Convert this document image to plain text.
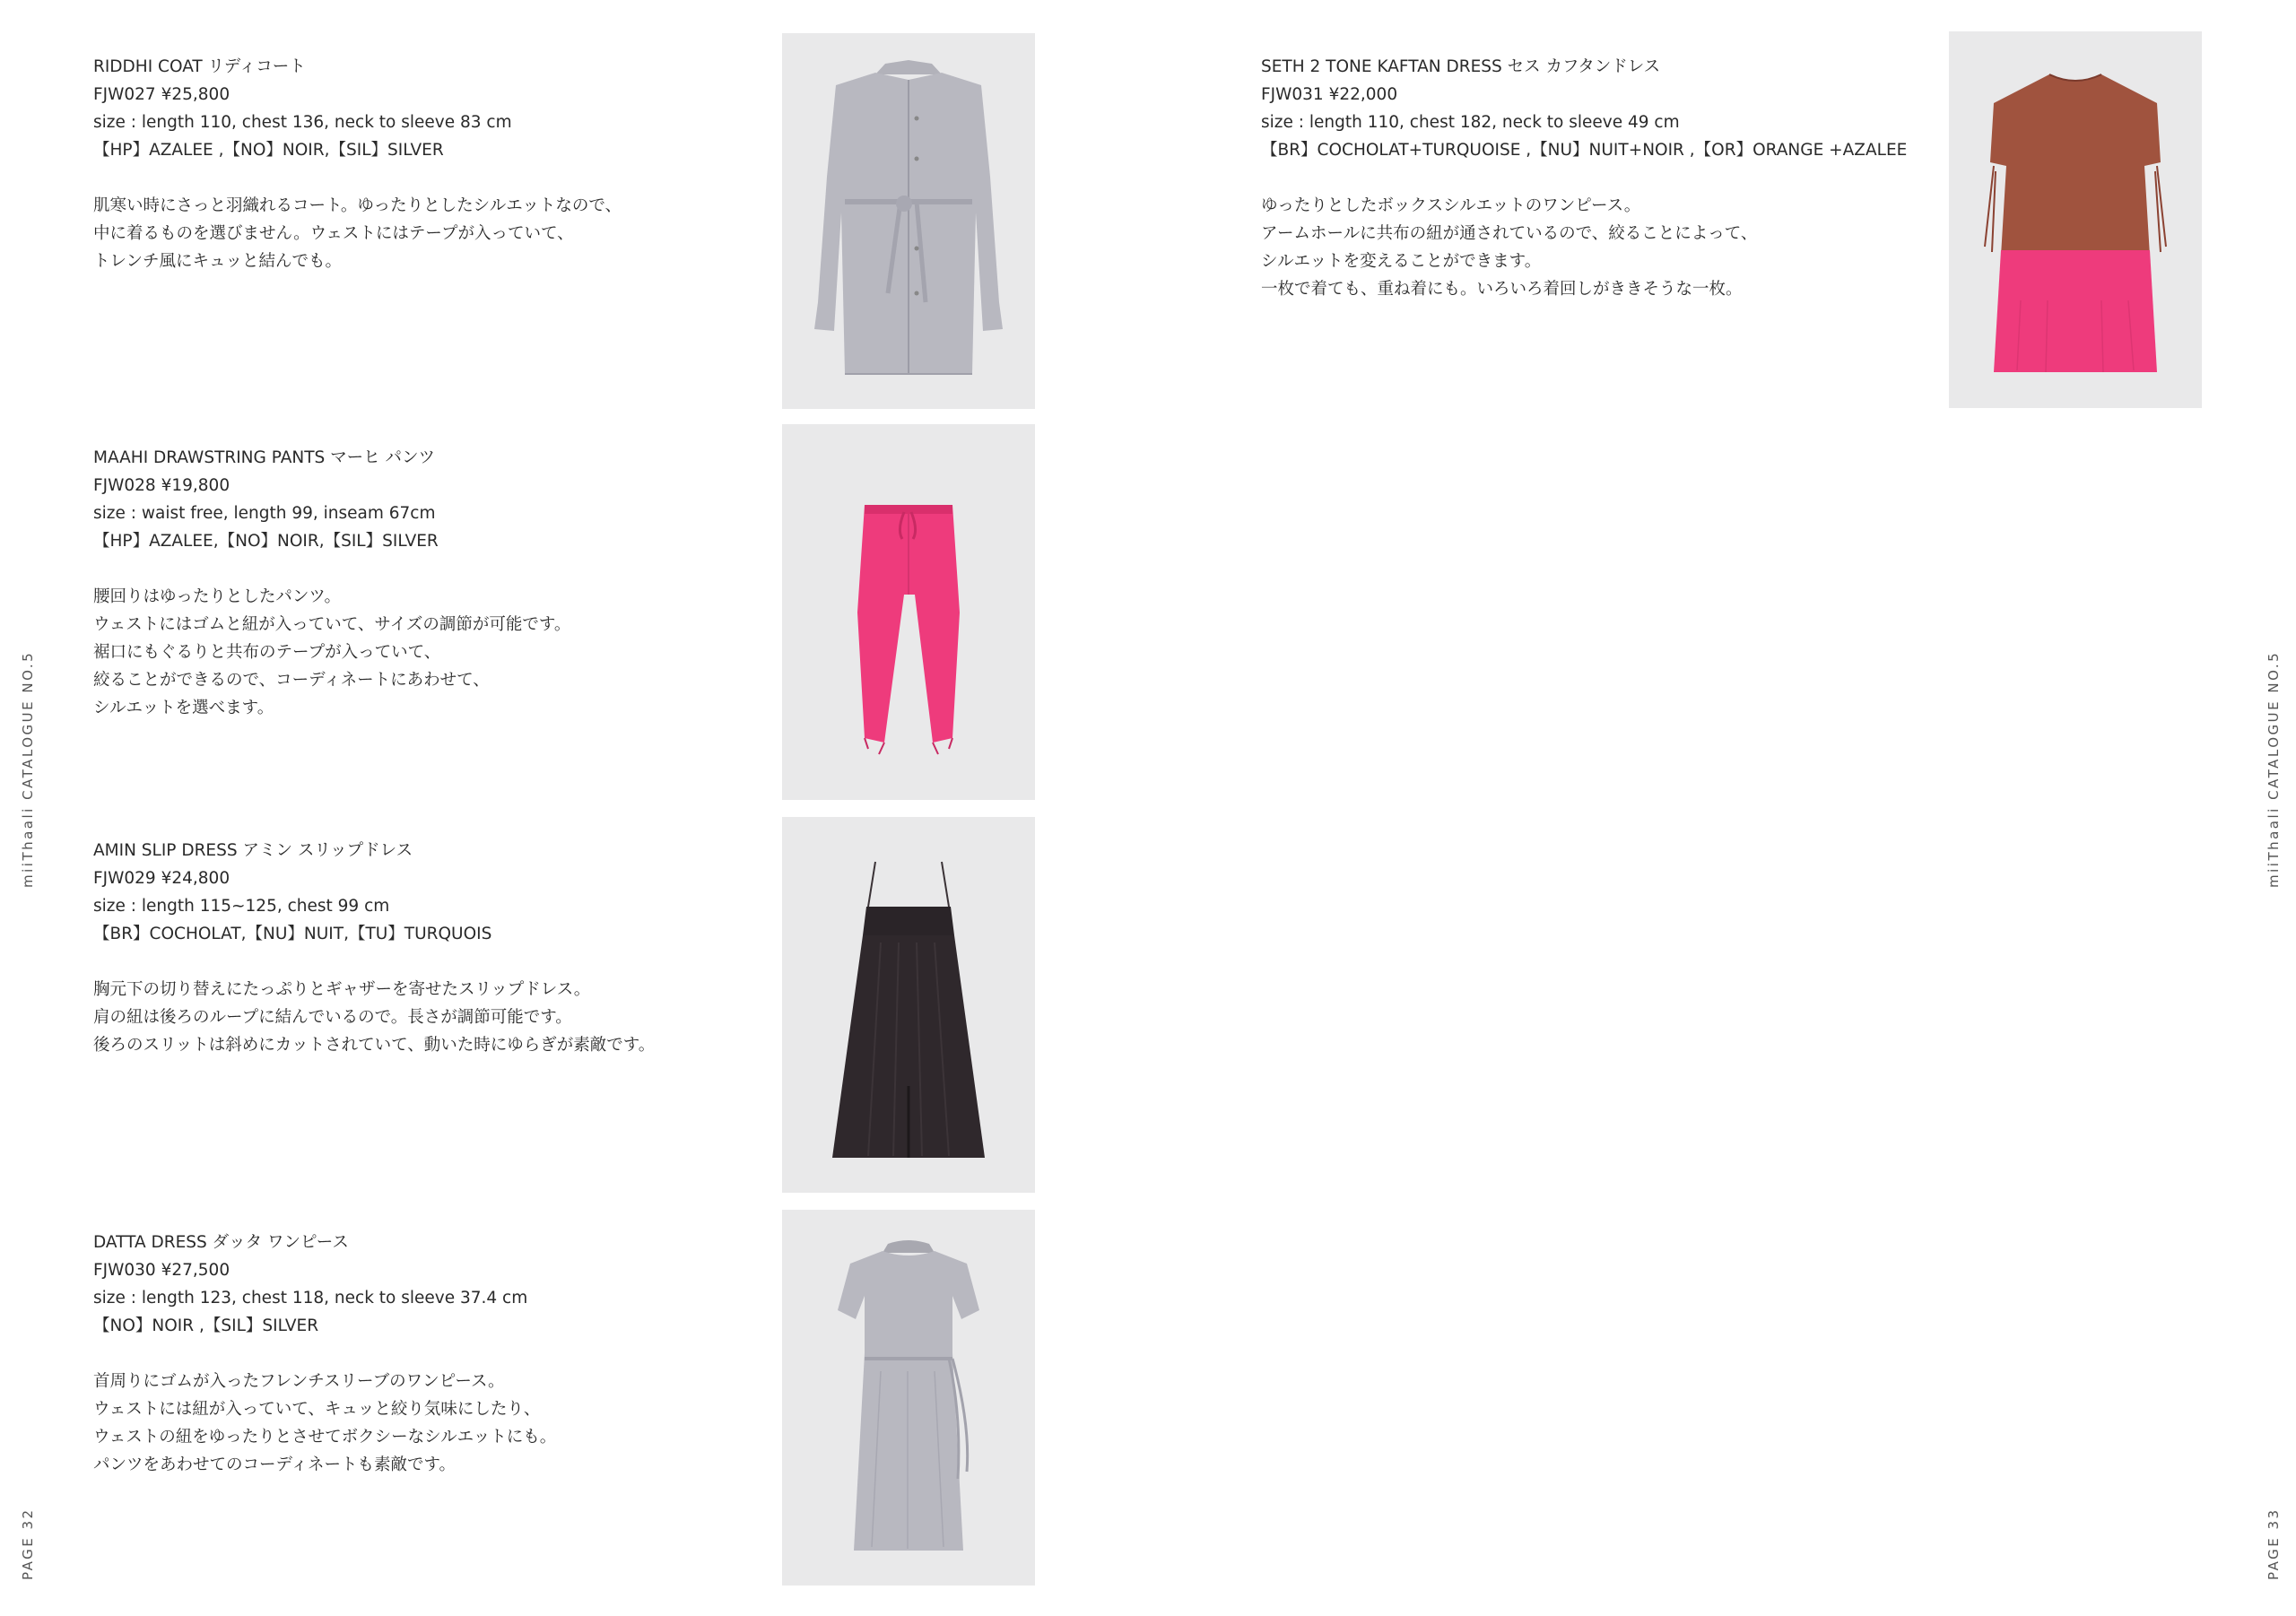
miiThaali CATALOGUE NO.5
PAGE 32
miiThaali CATALOGUE NO.5
PAGE 33
RIDDHI COAT リディコート
FJW027 ¥25,800
size : length 110, chest 136, neck to sleeve 83 cm
【HP】AZALEE ,【NO】NOIR,【SIL】SILVER
肌寒い時にさっと羽織れるコート。ゆったりとしたシルエットなので、
中に着るものを選びません。ウェストにはテープが入っていて、
トレンチ風にキュッと結んでも。
MAAHI DRAWSTRING PANTS マーヒ パンツ
FJW028 ¥19,800
size : waist free, length 99, inseam 67cm
【HP】AZALEE,【NO】NOIR,【SIL】SILVER
腰回りはゆったりとしたパンツ。
ウェストにはゴムと紐が入っていて、サイズの調節が可能です。
裾口にもぐるりと共布のテープが入っていて、
絞ることができるので、コーディネートにあわせて、
シルエットを選べます。
AMIN SLIP DRESS アミン スリップドレス
FJW029 ¥24,800
size : length 115~125, chest 99 cm
【BR】COCHOLAT,【NU】NUIT,【TU】TURQUOIS
胸元下の切り替えにたっぷりとギャザーを寄せたスリップドレス。
肩の紐は後ろのループに結んでいるので。長さが調節可能です。
後ろのスリットは斜めにカットされていて、動いた時にゆらぎが素敵です。
DATTA DRESS ダッタ ワンピース
FJW030 ¥27,500
size : length 123, chest 118, neck to sleeve 37.4 cm
【NO】NOIR ,【SIL】SILVER
首周りにゴムが入ったフレンチスリーブのワンピース。
ウェストには紐が入っていて、キュッと絞り気味にしたり、
ウェストの紐をゆったりとさせてボクシーなシルエットにも。
パンツをあわせてのコーディネートも素敵です。
SETH 2 TONE KAFTAN DRESS セス カフタンドレス
FJW031 ¥22,000
size : length 110, chest 182, neck to sleeve 49 cm
【BR】COCHOLAT+TURQUOISE ,【NU】NUIT+NOIR ,【OR】ORANGE +AZALEE
ゆったりとしたボックスシルエットのワンピース。
アームホールに共布の紐が通されているので、絞ることによって、
シルエットを変えることができます。
一枚で着ても、重ね着にも。いろいろ着回しがききそうな一枚。
